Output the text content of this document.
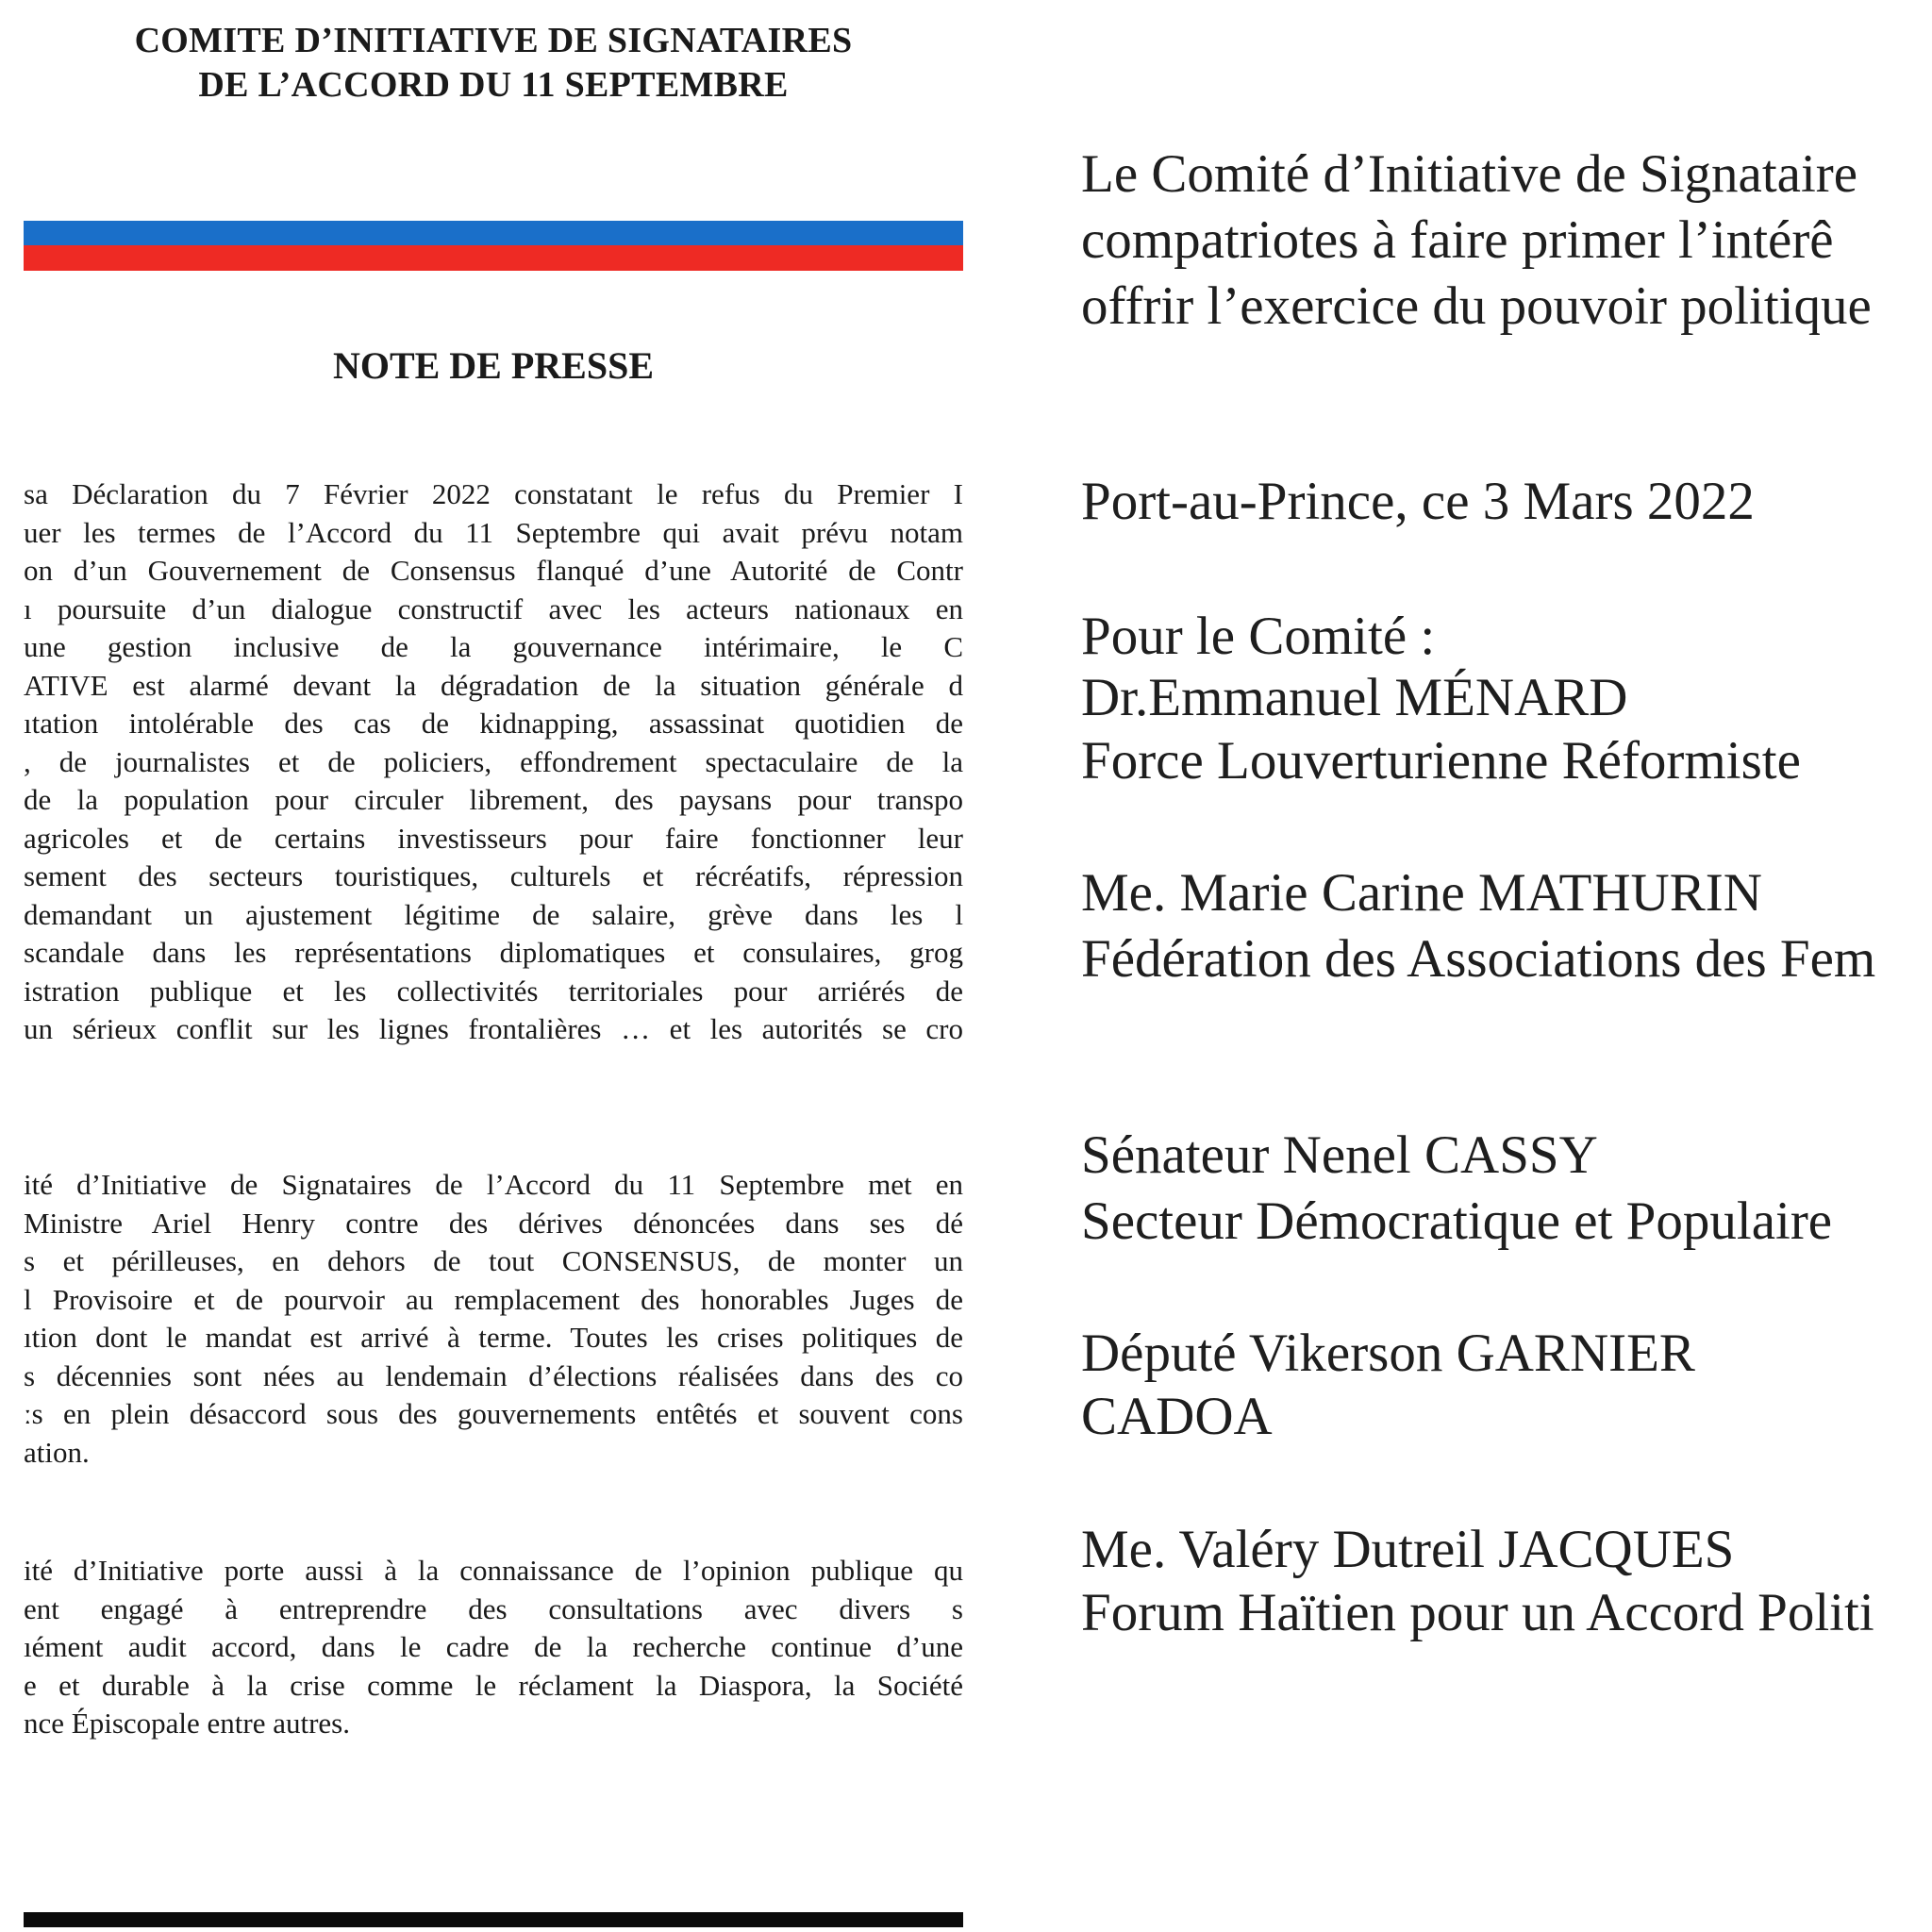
COMITE D’INITIATIVE DE SIGNATAIRES
DE L’ACCORD DU 11 SEPTEMBRE
NOTE DE PRESSE
sa Déclaration du 7 Février 2022 constatant le refus du Premier I
uer les termes de l’Accord du 11 Septembre qui avait prévu notam
on d’un Gouvernement de Consensus flanqué d’une Autorité de Contr
ı poursuite d’un dialogue constructif avec les acteurs nationaux en
une gestion inclusive de la gouvernance intérimaire, le C
ATIVE est alarmé devant la dégradation de la situation générale d
ıtation intolérable des cas de kidnapping, assassinat quotidien de
, de journalistes et de policiers, effondrement spectaculaire de la
de la population pour circuler librement, des paysans pour transpo
agricoles et de certains investisseurs pour faire fonctionner leur
sement des secteurs touristiques, culturels et récréatifs, répression
demandant un ajustement légitime de salaire, grève dans les l
scandale dans les représentations diplomatiques et consulaires, grog
istration publique et les collectivités territoriales pour arriérés de
un sérieux conflit sur les lignes frontalières … et les autorités se cro
ité d’Initiative de Signataires de l’Accord du 11 Septembre met en
Ministre Ariel Henry contre des dérives dénoncées dans ses dé
s et périlleuses, en dehors de tout CONSENSUS, de monter un
l Provisoire et de pourvoir au remplacement des honorables Juges de
ıtion dont le mandat est arrivé à terme. Toutes les crises politiques de
s décennies sont nées au lendemain d’élections réalisées dans des co
ːs en plein désaccord sous des gouvernements entêtés et souvent cons
ation.
ité d’Initiative porte aussi à la connaissance de l’opinion publique qu
ent engagé à entreprendre des consultations avec divers s
ıément audit accord, dans le cadre de la recherche continue d’une
e et durable à la crise comme le réclament la Diaspora, la Société
nce Épiscopale entre autres.
Le Comité d’Initiative de Signataire
compatriotes à faire primer l’intérê
offrir l’exercice du pouvoir politique
Port-au-Prince, ce 3 Mars 2022
Pour le Comité :
Dr.Emmanuel MÉNARD
Force Louverturienne Réformiste
Me. Marie Carine MATHURIN
Fédération des Associations des Fem
Sénateur Nenel CASSY
Secteur Démocratique et Populaire
Député Vikerson GARNIER
CADOA
Me. Valéry Dutreil JACQUES
Forum Haïtien pour un Accord Politi
